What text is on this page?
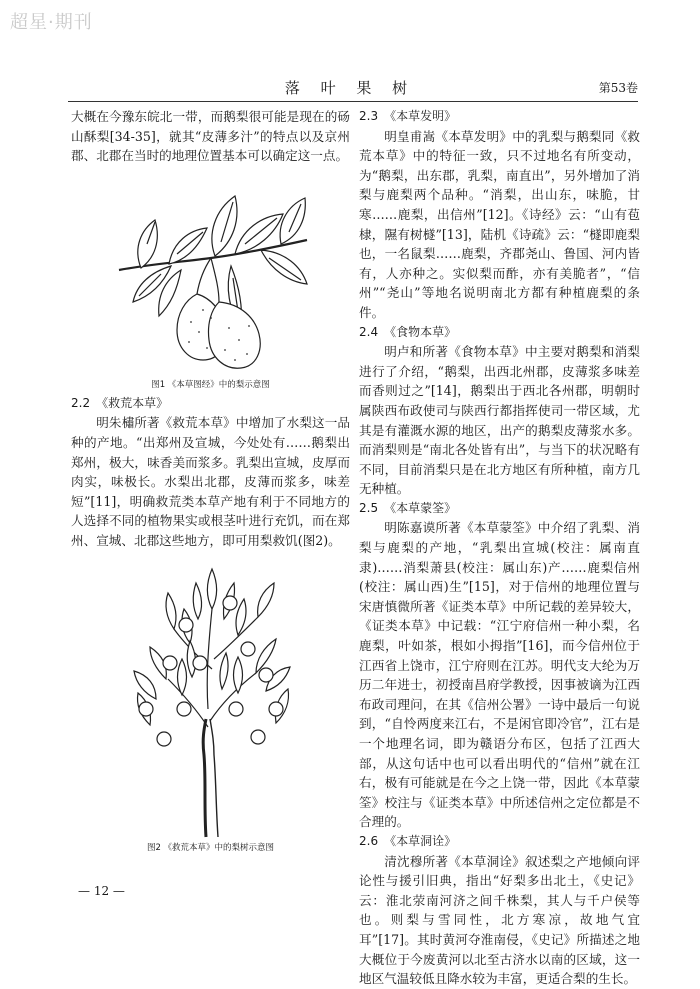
超星·期刊
落 叶 果 树	第53卷

大概在今豫东皖北一带，而鹅梨很可能是现在的砀山酥梨[34-35]，就其“皮薄多汁”的特点以及京州郡、北郡在当时的地理位置基本可以确定这一点。

图1 《本草图经》中的梨示意图
2.2 《救荒本草》

明朱橚所著《救荒本草》中增加了水梨这一品种的产地。“出郑州及宣城，今处处有……鹅梨出郑州，极大，味香美而浆多。乳梨出宣城，皮厚而肉实，味极长。水梨出北郡，皮薄而浆多，味差短”[11]，明确救荒类本草产地有利于不同地方的人选择不同的植物果实或根茎叶进行充饥，而在郑州、宣城、北郡这些地方，即可用梨救饥(图2)。

图2 《救荒本草》中的梨树示意图
2.3 《本草发明》

明皇甫嵩《本草发明》中的乳梨与鹅梨同《救荒本草》中的特征一致，只不过地名有所变动，为“鹅梨，出东郡，乳梨，南直出”，另外增加了消梨与鹿梨两个品种。“消梨，出山东，味脆，甘寒……鹿梨，出信州”[12]。《诗经》云：“山有苞棣，隰有树檖”[13]，陆机《诗疏》云：“檖即鹿梨也，一名鼠梨……鹿梨，齐郡尧山、鲁国、河内皆有，人亦种之。实似梨而酢，亦有美脆者”，“信州”“尧山”等地名说明南北方都有种植鹿梨的条件。

2.4 《食物本草》

明卢和所著《食物本草》中主要对鹅梨和消梨进行了介绍，“鹅梨，出西北州郡，皮薄浆多味差而香则过之”[14]，鹅梨出于西北各州郡，明朝时属陕西布政使司与陕西行都指挥使司一带区域，尤其是有灌溉水源的地区，出产的鹅梨皮薄浆水多。而消梨则是“南北各处皆有出”，与当下的状况略有不同，目前消梨只是在北方地区有所种植，南方几无种植。

2.5 《本草蒙筌》

明陈嘉谟所著《本草蒙筌》中介绍了乳梨、消梨与鹿梨的产地，“乳梨出宣城(校注：属南直隶)……消梨萧县(校注：属山东)产……鹿梨信州(校注：属山西)生”[15]，对于信州的地理位置与宋唐慎微所著《证类本草》中所记载的差异较大，《证类本草》中记载：“江宁府信州一种小梨，名鹿梨，叶如茶，根如小拇指”[16]，而今信州位于江西省上饶市，江宁府则在江苏。明代支大纶为万历二年进士，初授南昌府学教授，因事被谪为江西布政司理问，在其《信州公署》一诗中最后一句说到，“自怜两度来江右，不是闲官即冷官”，江右是一个地理名词，即为赣语分布区，包括了江西大部，从这句话中也可以看出明代的“信州”就在江右，极有可能就是在今之上饶一带，因此《本草蒙筌》校注与《证类本草》中所述信州之定位都是不合理的。

2.6 《本草洞诠》

清沈穆所著《本草洞诠》叙述梨之产地倾向评论性与援引旧典，指出“好梨多出北土，《史记》云：淮北荥南河济之间千株梨，其人与千户侯等也。则梨与雪同性，北方寒凉，故地气宜耳”[17]。其时黄河夺淮南侵，《史记》所描述之地大概位于今废黄河以北至古济水以南的区域，这一地区气温较低且降水较为丰富，更适合梨的生长。

— 12 —
